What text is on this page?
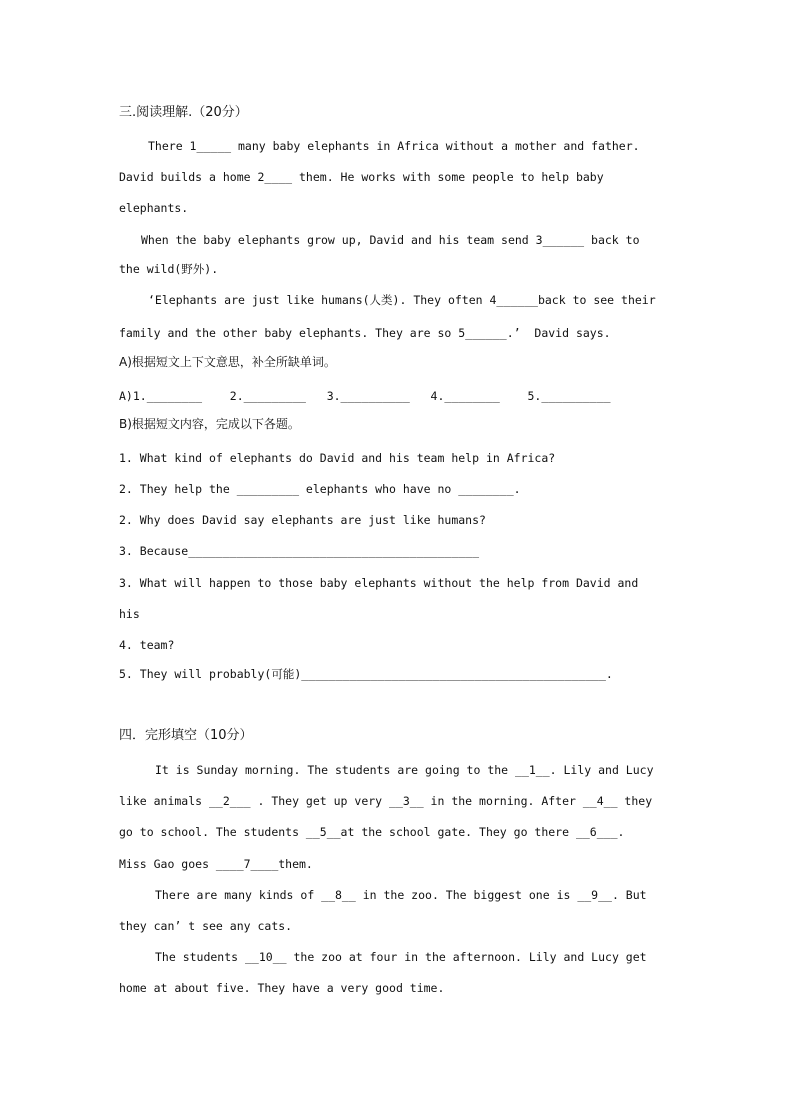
三.阅读理解.（20分）
There 1_____ many baby elephants in Africa without a mother and father.
David builds a home 2____ them. He works with some people to help baby
elephants.
When the baby elephants grow up, David and his team send 3______ back to
the wild(野外).
‘Elephants are just like humans(人类). They often 4______back to see their
family and the other baby elephants. They are so 5______.’  David says.
A)根据短文上下文意思，补全所缺单词。
A)1.________    2._________   3.__________   4.________    5.__________
B)根据短文内容，完成以下各题。
1. What kind of elephants do David and his team help in Africa?
2. They help the _________ elephants who have no ________.
2. Why does David say elephants are just like humans?
3. Because__________________________________________
3. What will happen to those baby elephants without the help from David and
his
4. team?
5. They will probably(可能)____________________________________________.
四．完形填空（10分）
It is Sunday morning. The students are going to the __1__. Lily and Lucy
like animals __2___ . They get up very __3__ in the morning. After __4__ they
go to school. The students __5__at the school gate. They go there __6___.
Miss Gao goes ____7____them.
There are many kinds of __8__ in the zoo. The biggest one is __9__. But
they can’ t see any cats.
The students __10__ the zoo at four in the afternoon. Lily and Lucy get
home at about five. They have a very good time.
